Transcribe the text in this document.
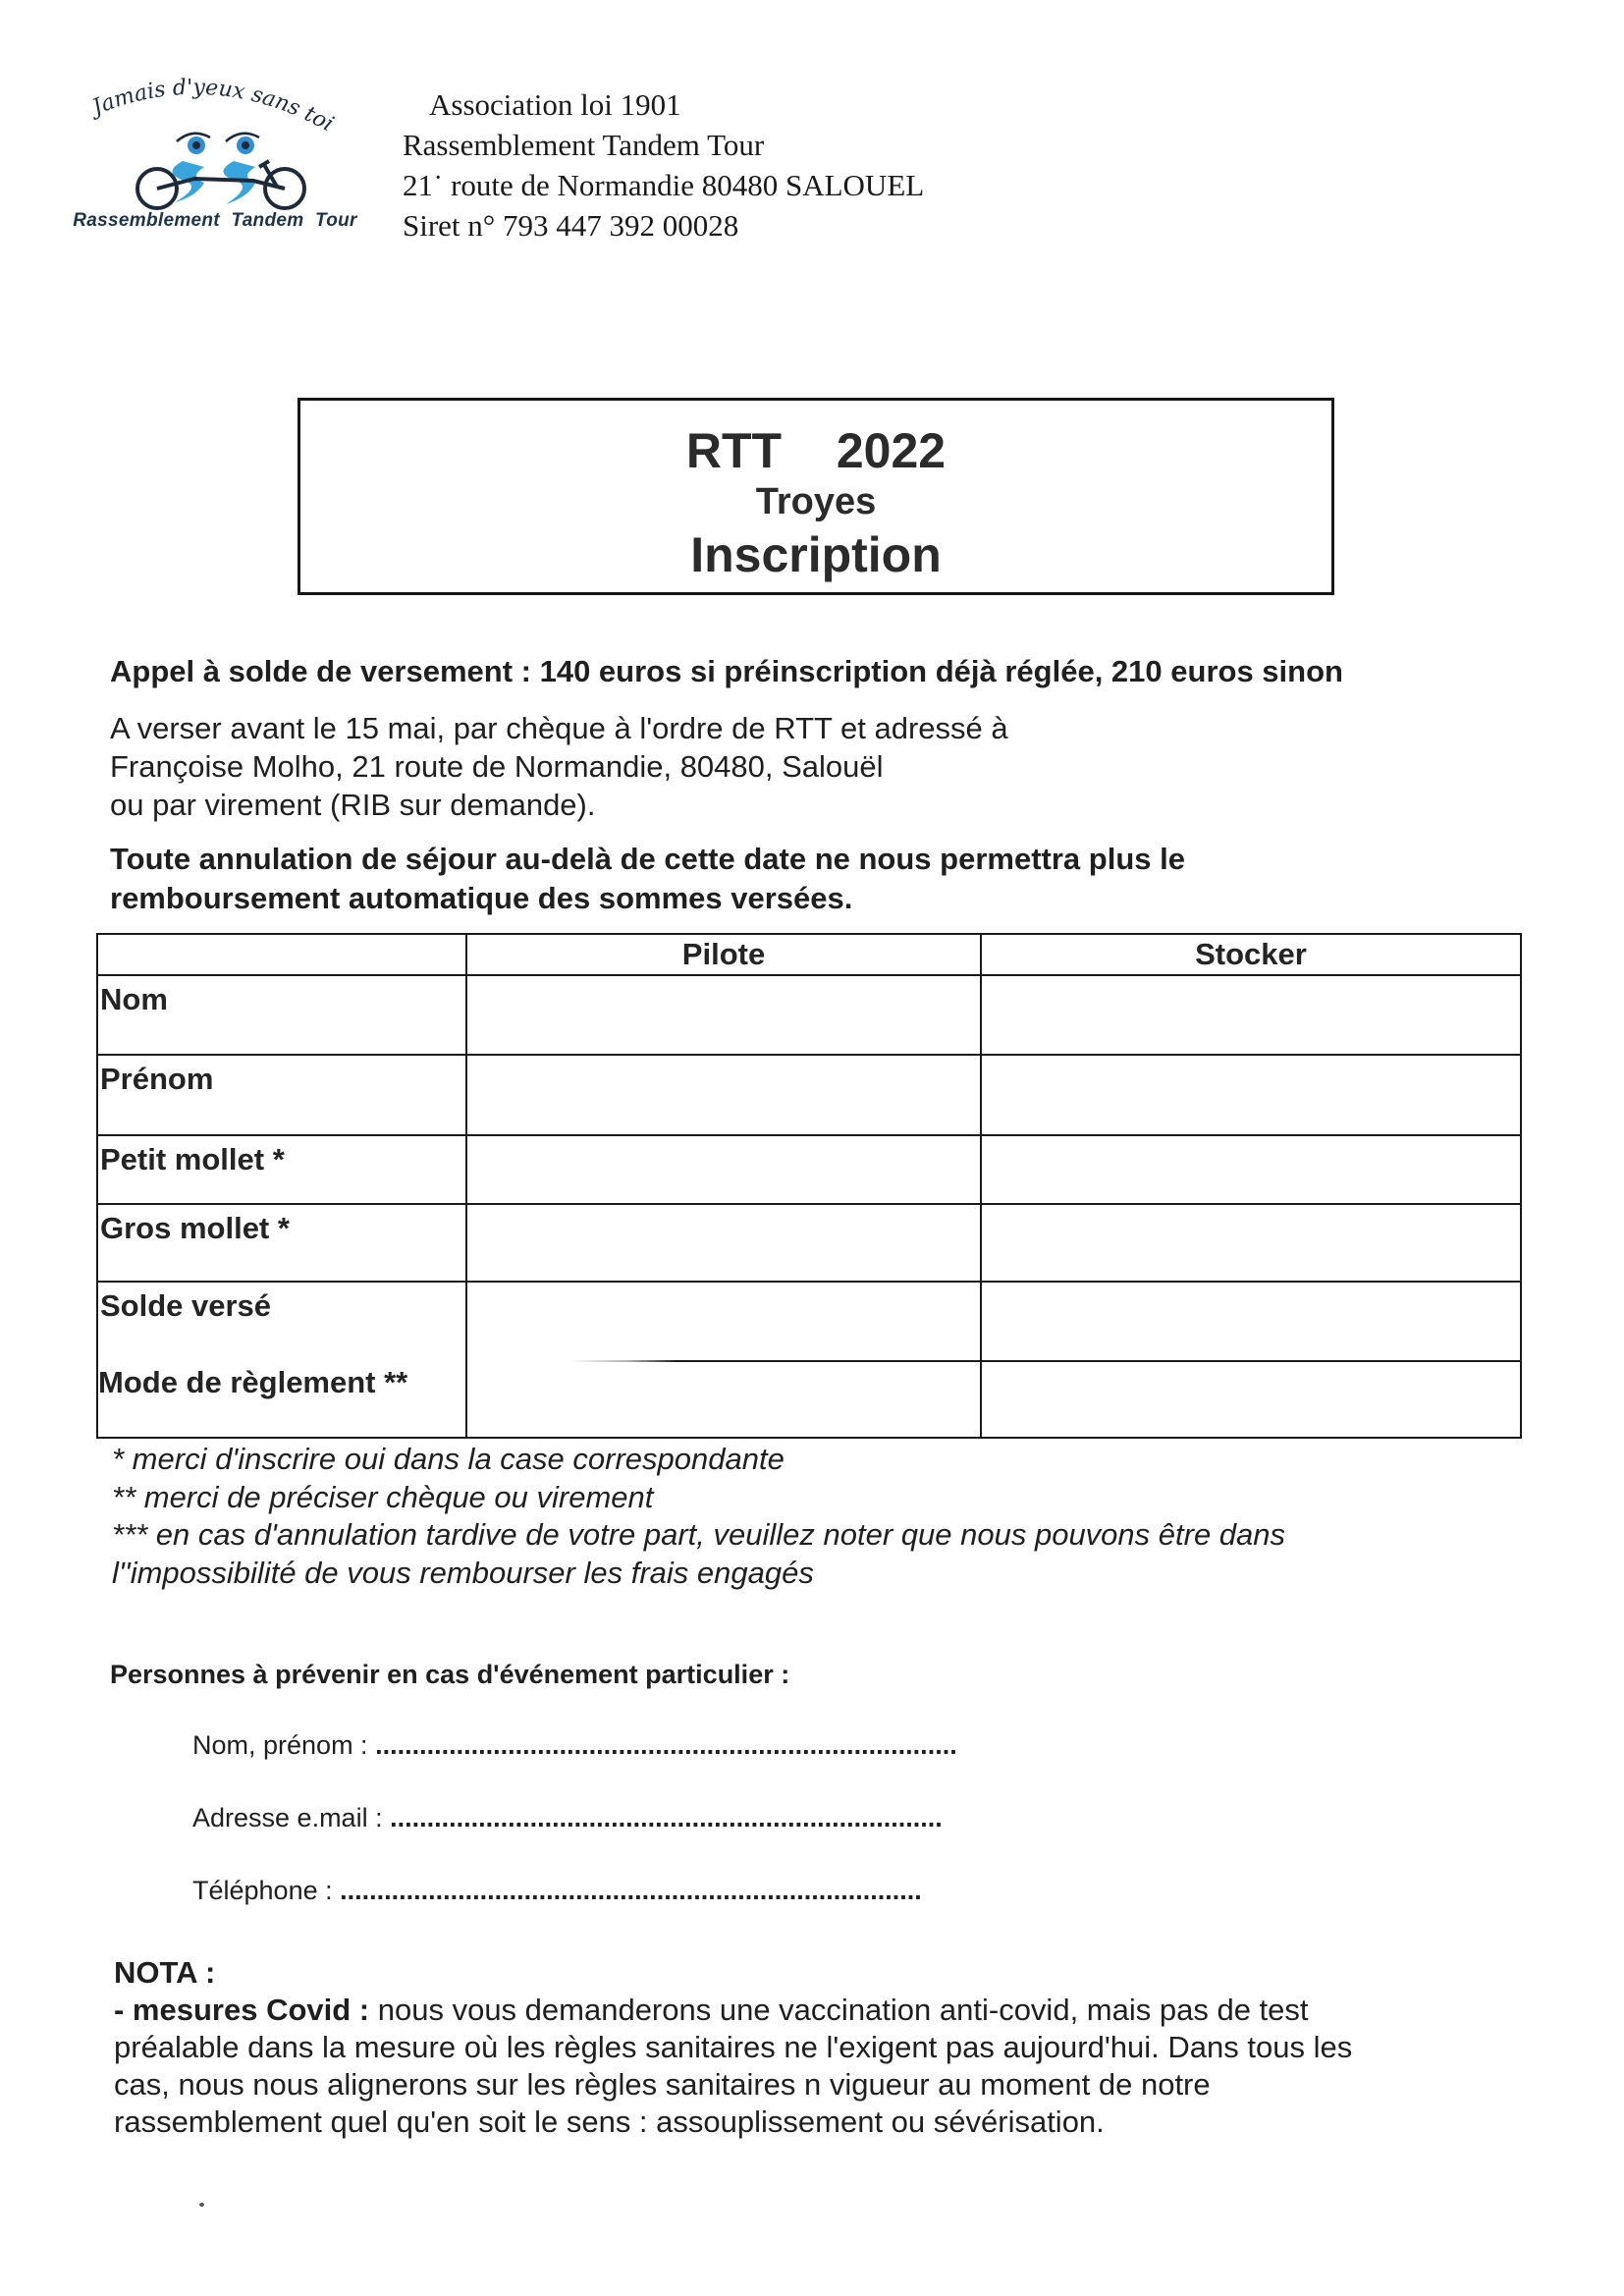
Jamais d'yeux sans toi
Rassemblement Tandem Tour
Association loi 1901
Rassemblement Tandem Tour
21˙ route de Normandie 80480 SALOUEL
Siret n° 793 447 392 00028
RTT  2022
Troyes
Inscription
Appel à solde de versement : 140 euros si préinscription déjà réglée, 210 euros sinon
A verser avant le 15 mai, par chèque à l'ordre de RTT et adressé à
Françoise Molho, 21 route de Normandie, 80480, Salouël
ou par virement (RIB sur demande).
Toute annulation de séjour au-delà de cette date ne nous permettra plus le
remboursement automatique des sommes versées.
	Pilote	Stocker
Nom		
Prénom		
Petit mollet *		
Gros mollet *		
Solde versé		

Mode de règlement **
* merci d'inscrire oui dans la case correspondante
** merci de préciser chèque ou virement
*** en cas d'annulation tardive de votre part, veuillez noter que nous pouvons être dans
l''impossibilité de vous rembourser les frais engagés
Personnes à prévenir en cas d'événement particulier :
Nom, prénom : ...............................................................................
Adresse e.mail : ...........................................................................
Téléphone : ...............................................................................
NOTA :
- mesures Covid : nous vous demanderons une vaccination anti-covid, mais pas de test
préalable dans la mesure où les règles sanitaires ne l'exigent pas aujourd'hui. Dans tous les
cas, nous nous alignerons sur les règles sanitaires n vigueur au moment de notre
rassemblement quel qu'en soit le sens : assouplissement ou sévérisation.
